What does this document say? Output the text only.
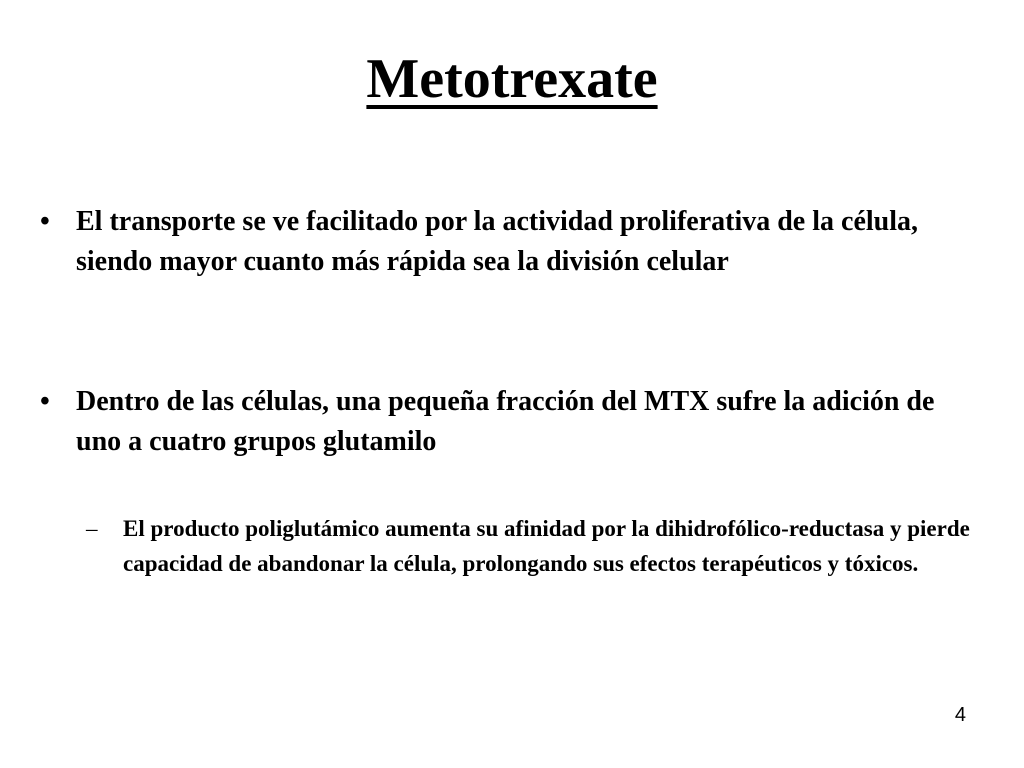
Metotrexate
• El transporte se ve facilitado por la actividad proliferativa de la célula, siendo mayor cuanto más rápida sea la división celular
• Dentro de las células, una pequeña fracción del MTX sufre la adición de uno a cuatro grupos glutamilo
– El producto poliglutámico aumenta su afinidad por la dihidrofólico-reductasa y pierde capacidad de abandonar la célula, prolongando sus efectos terapéuticos y tóxicos.
4
